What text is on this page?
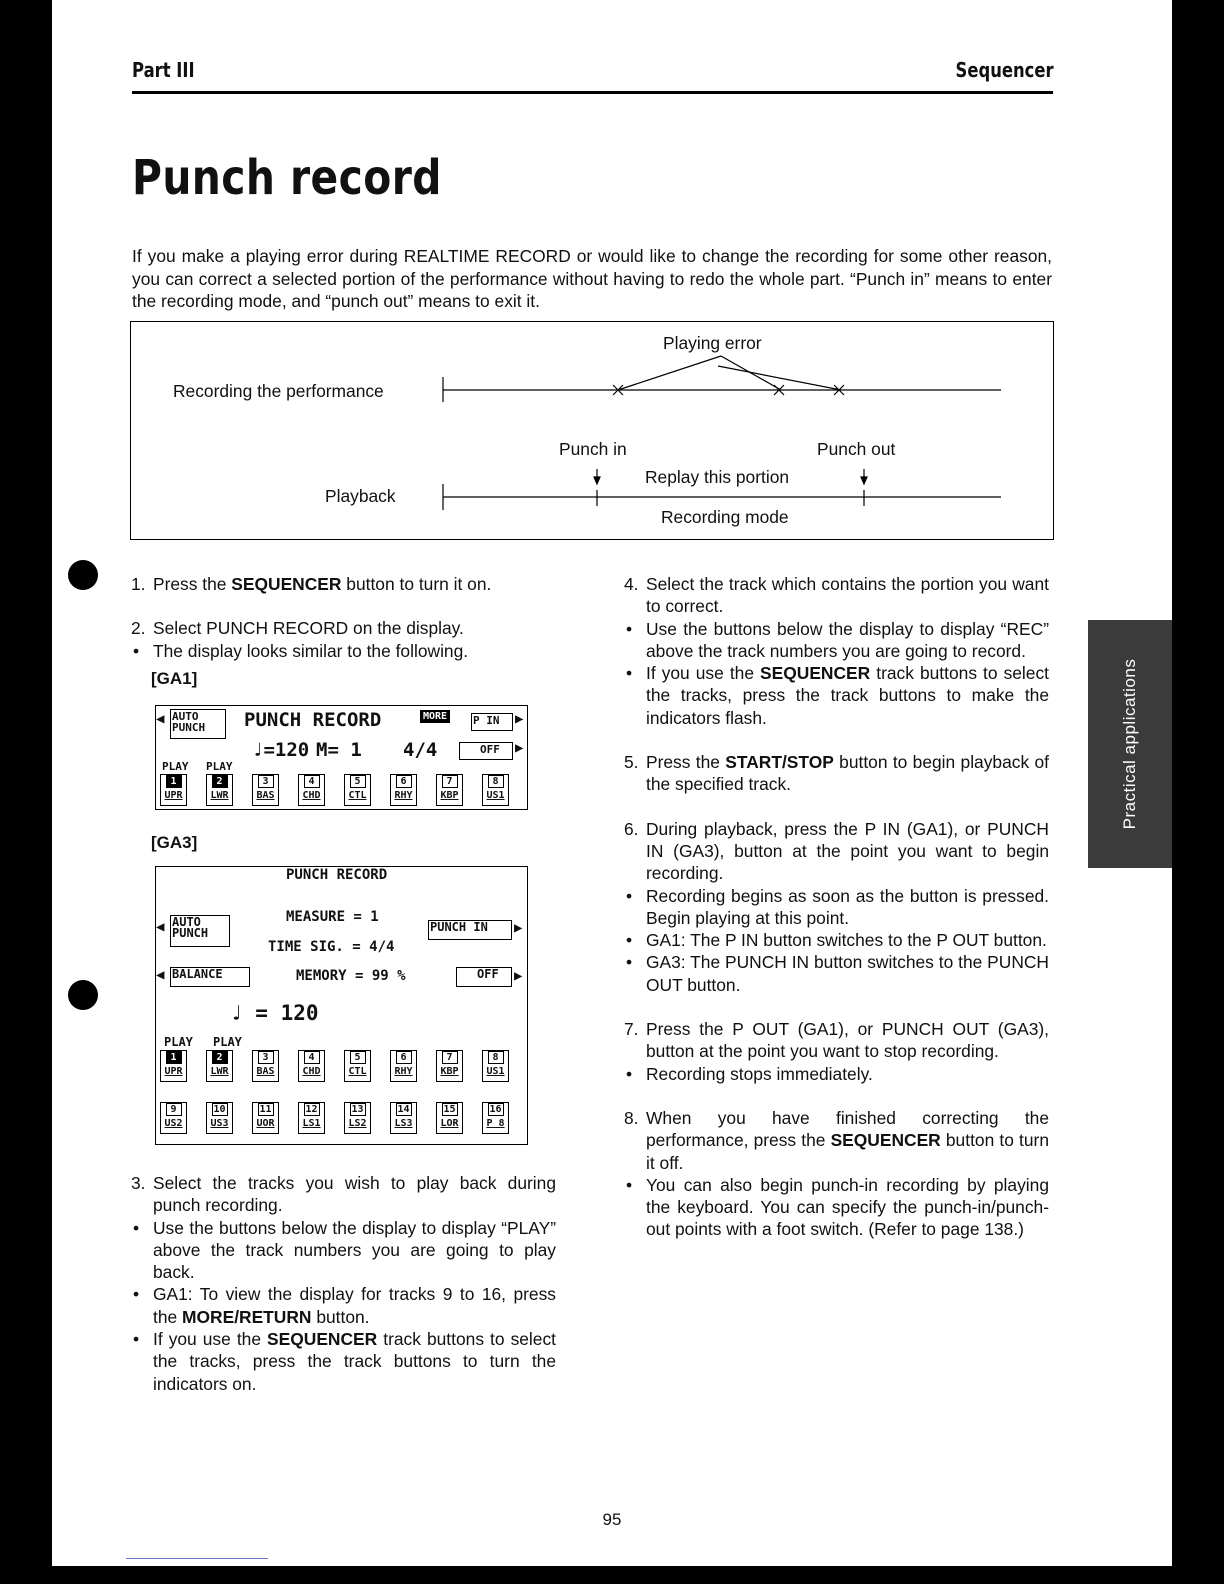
Practical applications
Part III	Sequencer
Punch record

If you make a playing error during REALTIME RECORD or would like to change the recording for some other reason, you can correct a selected portion of the performance without having to redo the whole part. “Punch in” means to enter the recording mode, and “punch out” means to exit it.

Playing error
Recording the performance
Punch in	Punch out
Replay this portion
Playback
Recording mode
1. Press the SEQUENCER button to turn it on.
2. Select PUNCH RECORD on the display.
• The display looks similar to the following.
[GA1]
◀ AUTO
PUNCH	PUNCH RECORD	MORE P IN	▶
♩=120 M= 1 4/4	OFF	▶
PLAY PLAY
1
UPR
2
LWR
3
BAS
4
CHD
5
CTL
6
RHY
7
KBP
8
US1
[GA3]
PUNCH RECORD
◀ AUTO
PUNCH
MEASURE = 1
PUNCH IN	▶
TIME SIG. = 4/4
◀ BALANCE	MEMORY = 99 %	OFF	▶
♩ = 120
PLAY PLAY
1
UPR
2
LWR
3
BAS
4
CHD
5
CTL
6
RHY
7
KBP
8
US1
9
US2
10
US3
11
UOR
12
LS1
13
LS2
14
LS3
15
LOR
16
P 8
3. Select the tracks you wish to play back during punch recording.
• Use the buttons below the display to display “PLAY” above the track numbers you are going to play back.
• GA1: To view the display for tracks 9 to 16, press the MORE/RETURN button.
• If you use the SEQUENCER track buttons to select the tracks, press the track buttons to turn the indicators on.
4. Select the track which contains the portion you want to correct.
• Use the buttons below the display to display “REC” above the track numbers you are going to record.
• If you use the SEQUENCER track buttons to select the tracks, press the track buttons to make the indicators flash.
5. Press the START/STOP button to begin playback of the specified track.
6. During playback, press the P IN (GA1), or PUNCH IN (GA3), button at the point you want to begin recording.
• Recording begins as soon as the button is pressed. Begin playing at this point.
• GA1: The P IN button switches to the P OUT button.
• GA3: The PUNCH IN button switches to the PUNCH OUT button.
7. Press the P OUT (GA1), or PUNCH OUT (GA3), button at the point you want to stop recording.
• Recording stops immediately.
8. When you have finished correcting the performance, press the SEQUENCER button to turn it off.
• You can also begin punch-in recording by playing the keyboard. You can specify the punch-in/punch-out points with a foot switch. (Refer to page 138.)
95
